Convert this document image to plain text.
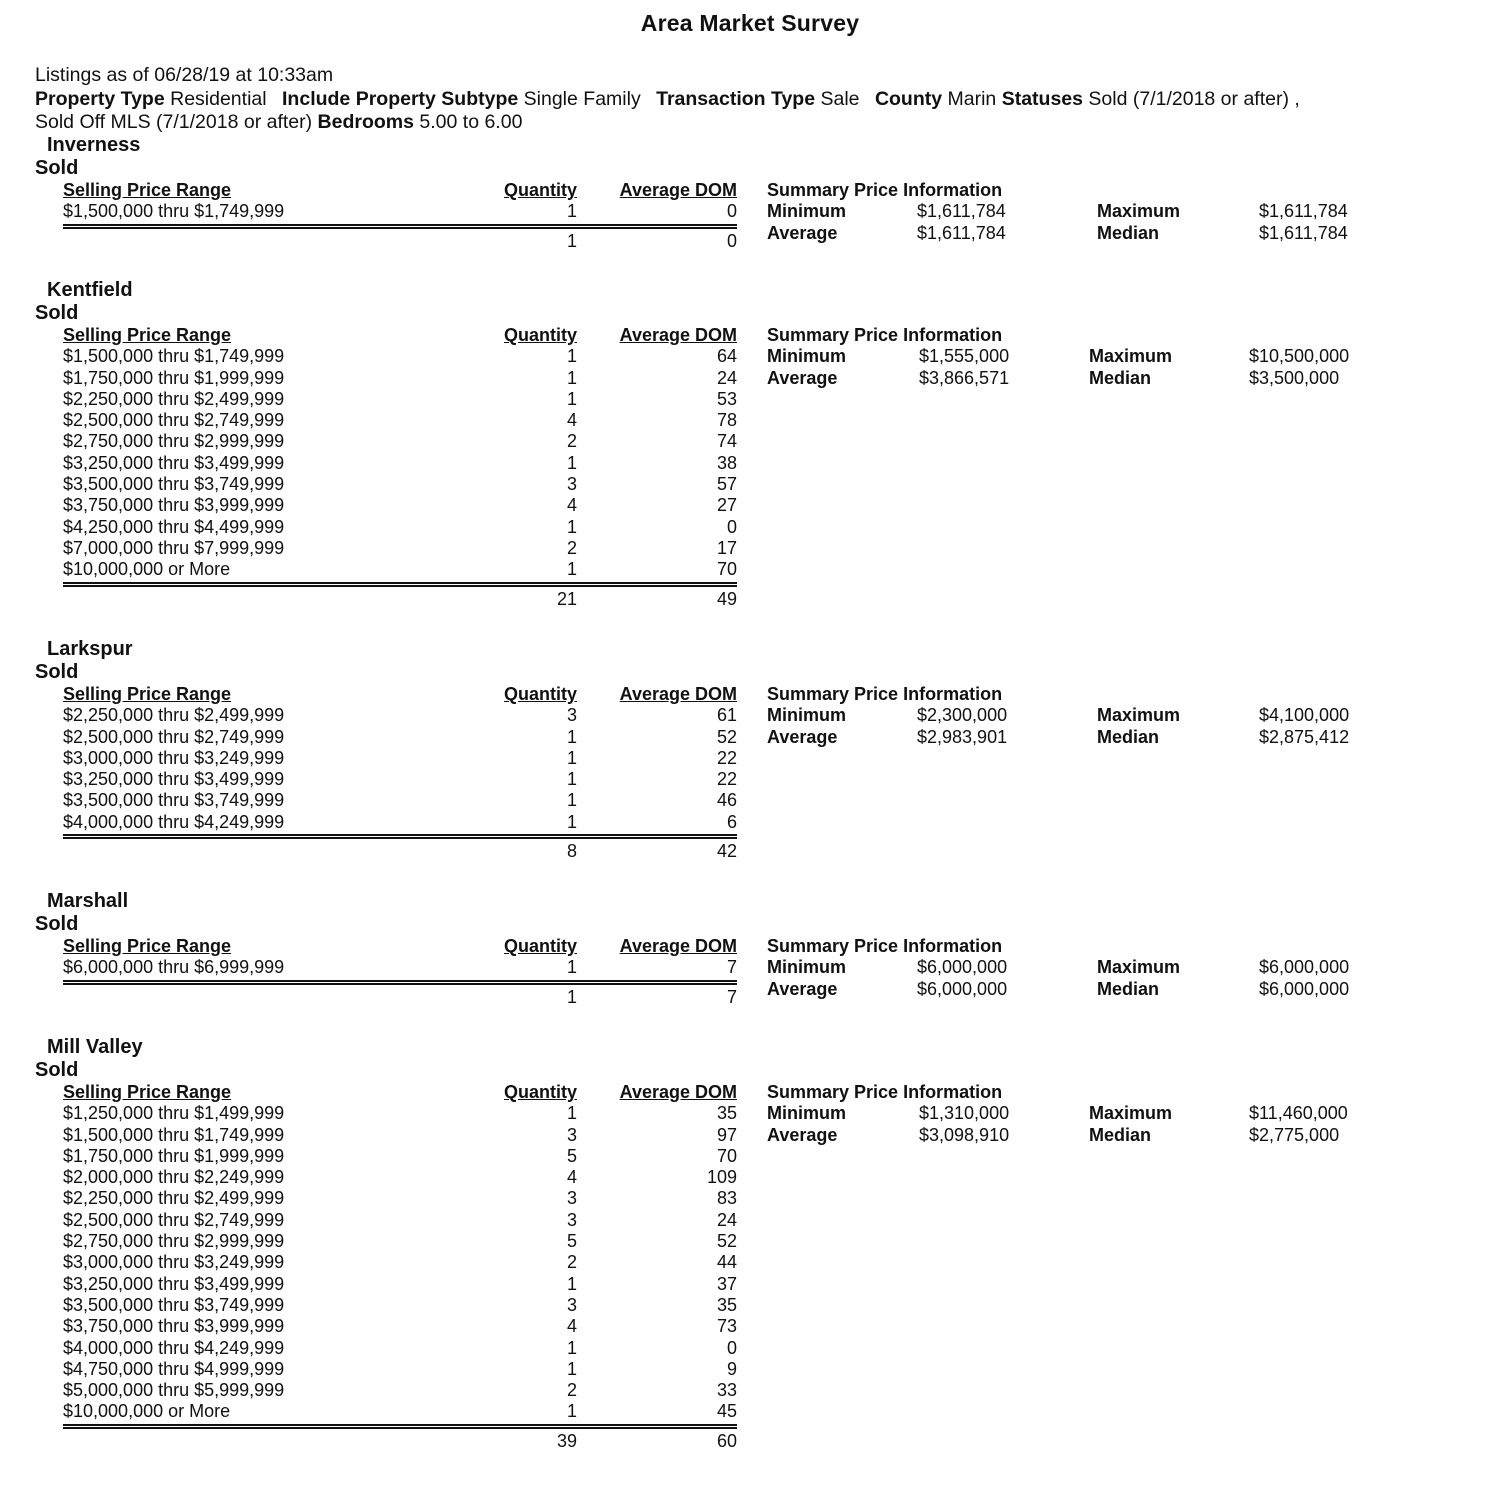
Area Market Survey
Listings as of 06/28/19 at 10:33am
Property Type Residential Include Property Subtype Single Family Transaction Type Sale County Marin Statuses Sold (7/1/2018 or after) ,
Sold Off MLS (7/1/2018 or after) Bedrooms 5.00 to 6.00
Inverness
Sold
Selling Price Range	Quantity	Average DOM
$1,500,000 thru $1,749,999	1	0
1	0
Summary Price Information
Minimum	$1,611,784	Maximum	$1,611,784
Average	$1,611,784	Median	$1,611,784
Kentfield
Sold
Selling Price Range	Quantity	Average DOM
$1,500,000 thru $1,749,999	1	64
$1,750,000 thru $1,999,999	1	24
$2,250,000 thru $2,499,999	1	53
$2,500,000 thru $2,749,999	4	78
$2,750,000 thru $2,999,999	2	74
$3,250,000 thru $3,499,999	1	38
$3,500,000 thru $3,749,999	3	57
$3,750,000 thru $3,999,999	4	27
$4,250,000 thru $4,499,999	1	0
$7,000,000 thru $7,999,999	2	17
$10,000,000 or More	1	70
21	49
Summary Price Information
Minimum	$1,555,000	Maximum	$10,500,000
Average	$3,866,571	Median	$3,500,000
Larkspur
Sold
Selling Price Range	Quantity	Average DOM
$2,250,000 thru $2,499,999	3	61
$2,500,000 thru $2,749,999	1	52
$3,000,000 thru $3,249,999	1	22
$3,250,000 thru $3,499,999	1	22
$3,500,000 thru $3,749,999	1	46
$4,000,000 thru $4,249,999	1	6
8	42
Summary Price Information
Minimum	$2,300,000	Maximum	$4,100,000
Average	$2,983,901	Median	$2,875,412
Marshall
Sold
Selling Price Range	Quantity	Average DOM
$6,000,000 thru $6,999,999	1	7
1	7
Summary Price Information
Minimum	$6,000,000	Maximum	$6,000,000
Average	$6,000,000	Median	$6,000,000
Mill Valley
Sold
Selling Price Range	Quantity	Average DOM
$1,250,000 thru $1,499,999	1	35
$1,500,000 thru $1,749,999	3	97
$1,750,000 thru $1,999,999	5	70
$2,000,000 thru $2,249,999	4	109
$2,250,000 thru $2,499,999	3	83
$2,500,000 thru $2,749,999	3	24
$2,750,000 thru $2,999,999	5	52
$3,000,000 thru $3,249,999	2	44
$3,250,000 thru $3,499,999	1	37
$3,500,000 thru $3,749,999	3	35
$3,750,000 thru $3,999,999	4	73
$4,000,000 thru $4,249,999	1	0
$4,750,000 thru $4,999,999	1	9
$5,000,000 thru $5,999,999	2	33
$10,000,000 or More	1	45
39	60
Summary Price Information
Minimum	$1,310,000	Maximum	$11,460,000
Average	$3,098,910	Median	$2,775,000
